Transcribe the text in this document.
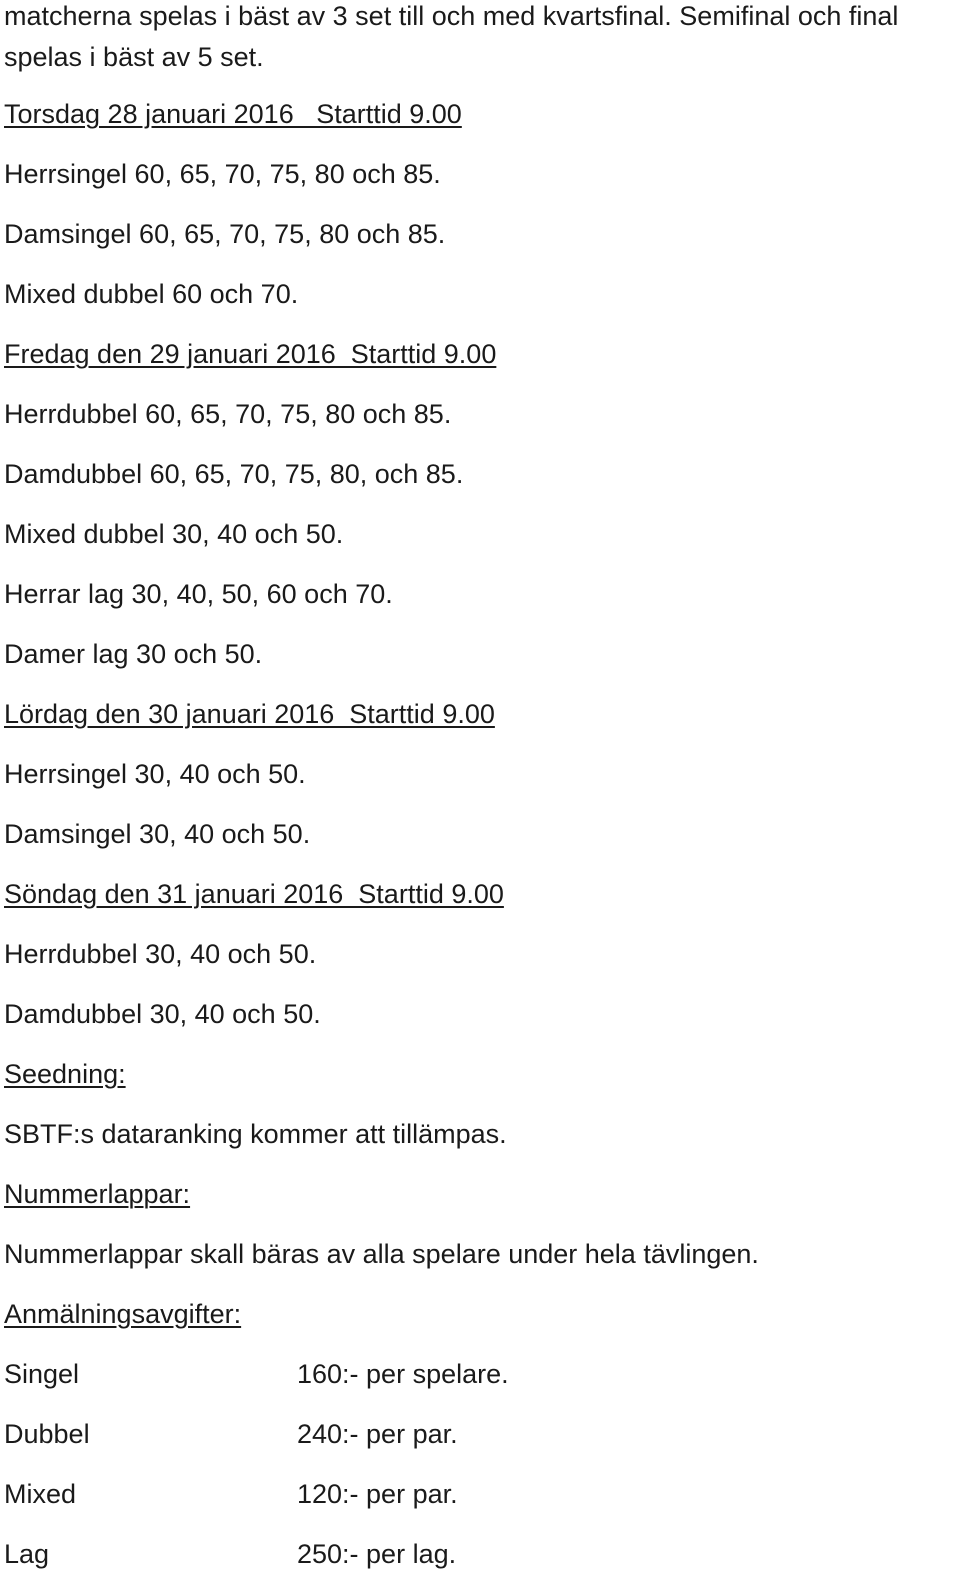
matcherna spelas i bäst av 3 set till och med kvartsfinal. Semifinal och final
spelas i bäst av 5 set.
Torsdag 28 januari 2016   Starttid 9.00
Herrsingel 60, 65, 70, 75, 80 och 85.
Damsingel 60, 65, 70, 75, 80 och 85.
Mixed dubbel 60 och 70.
Fredag den 29 januari 2016  Starttid 9.00
Herrdubbel 60, 65, 70, 75, 80 och 85.
Damdubbel 60, 65, 70, 75, 80, och 85.
Mixed dubbel 30, 40 och 50.
Herrar lag 30, 40, 50, 60 och 70.
Damer lag 30 och 50.
Lördag den 30 januari 2016  Starttid 9.00
Herrsingel 30, 40 och 50.
Damsingel 30, 40 och 50.
Söndag den 31 januari 2016  Starttid 9.00
Herrdubbel 30, 40 och 50.
Damdubbel 30, 40 och 50.
Seedning:
SBTF:s dataranking kommer att tillämpas.
Nummerlappar:
Nummerlappar skall bäras av alla spelare under hela tävlingen.
Anmälningsavgifter:
Singel	160:- per spelare.
Dubbel	240:- per par.
Mixed	120:- per par.
Lag	250:- per lag.
